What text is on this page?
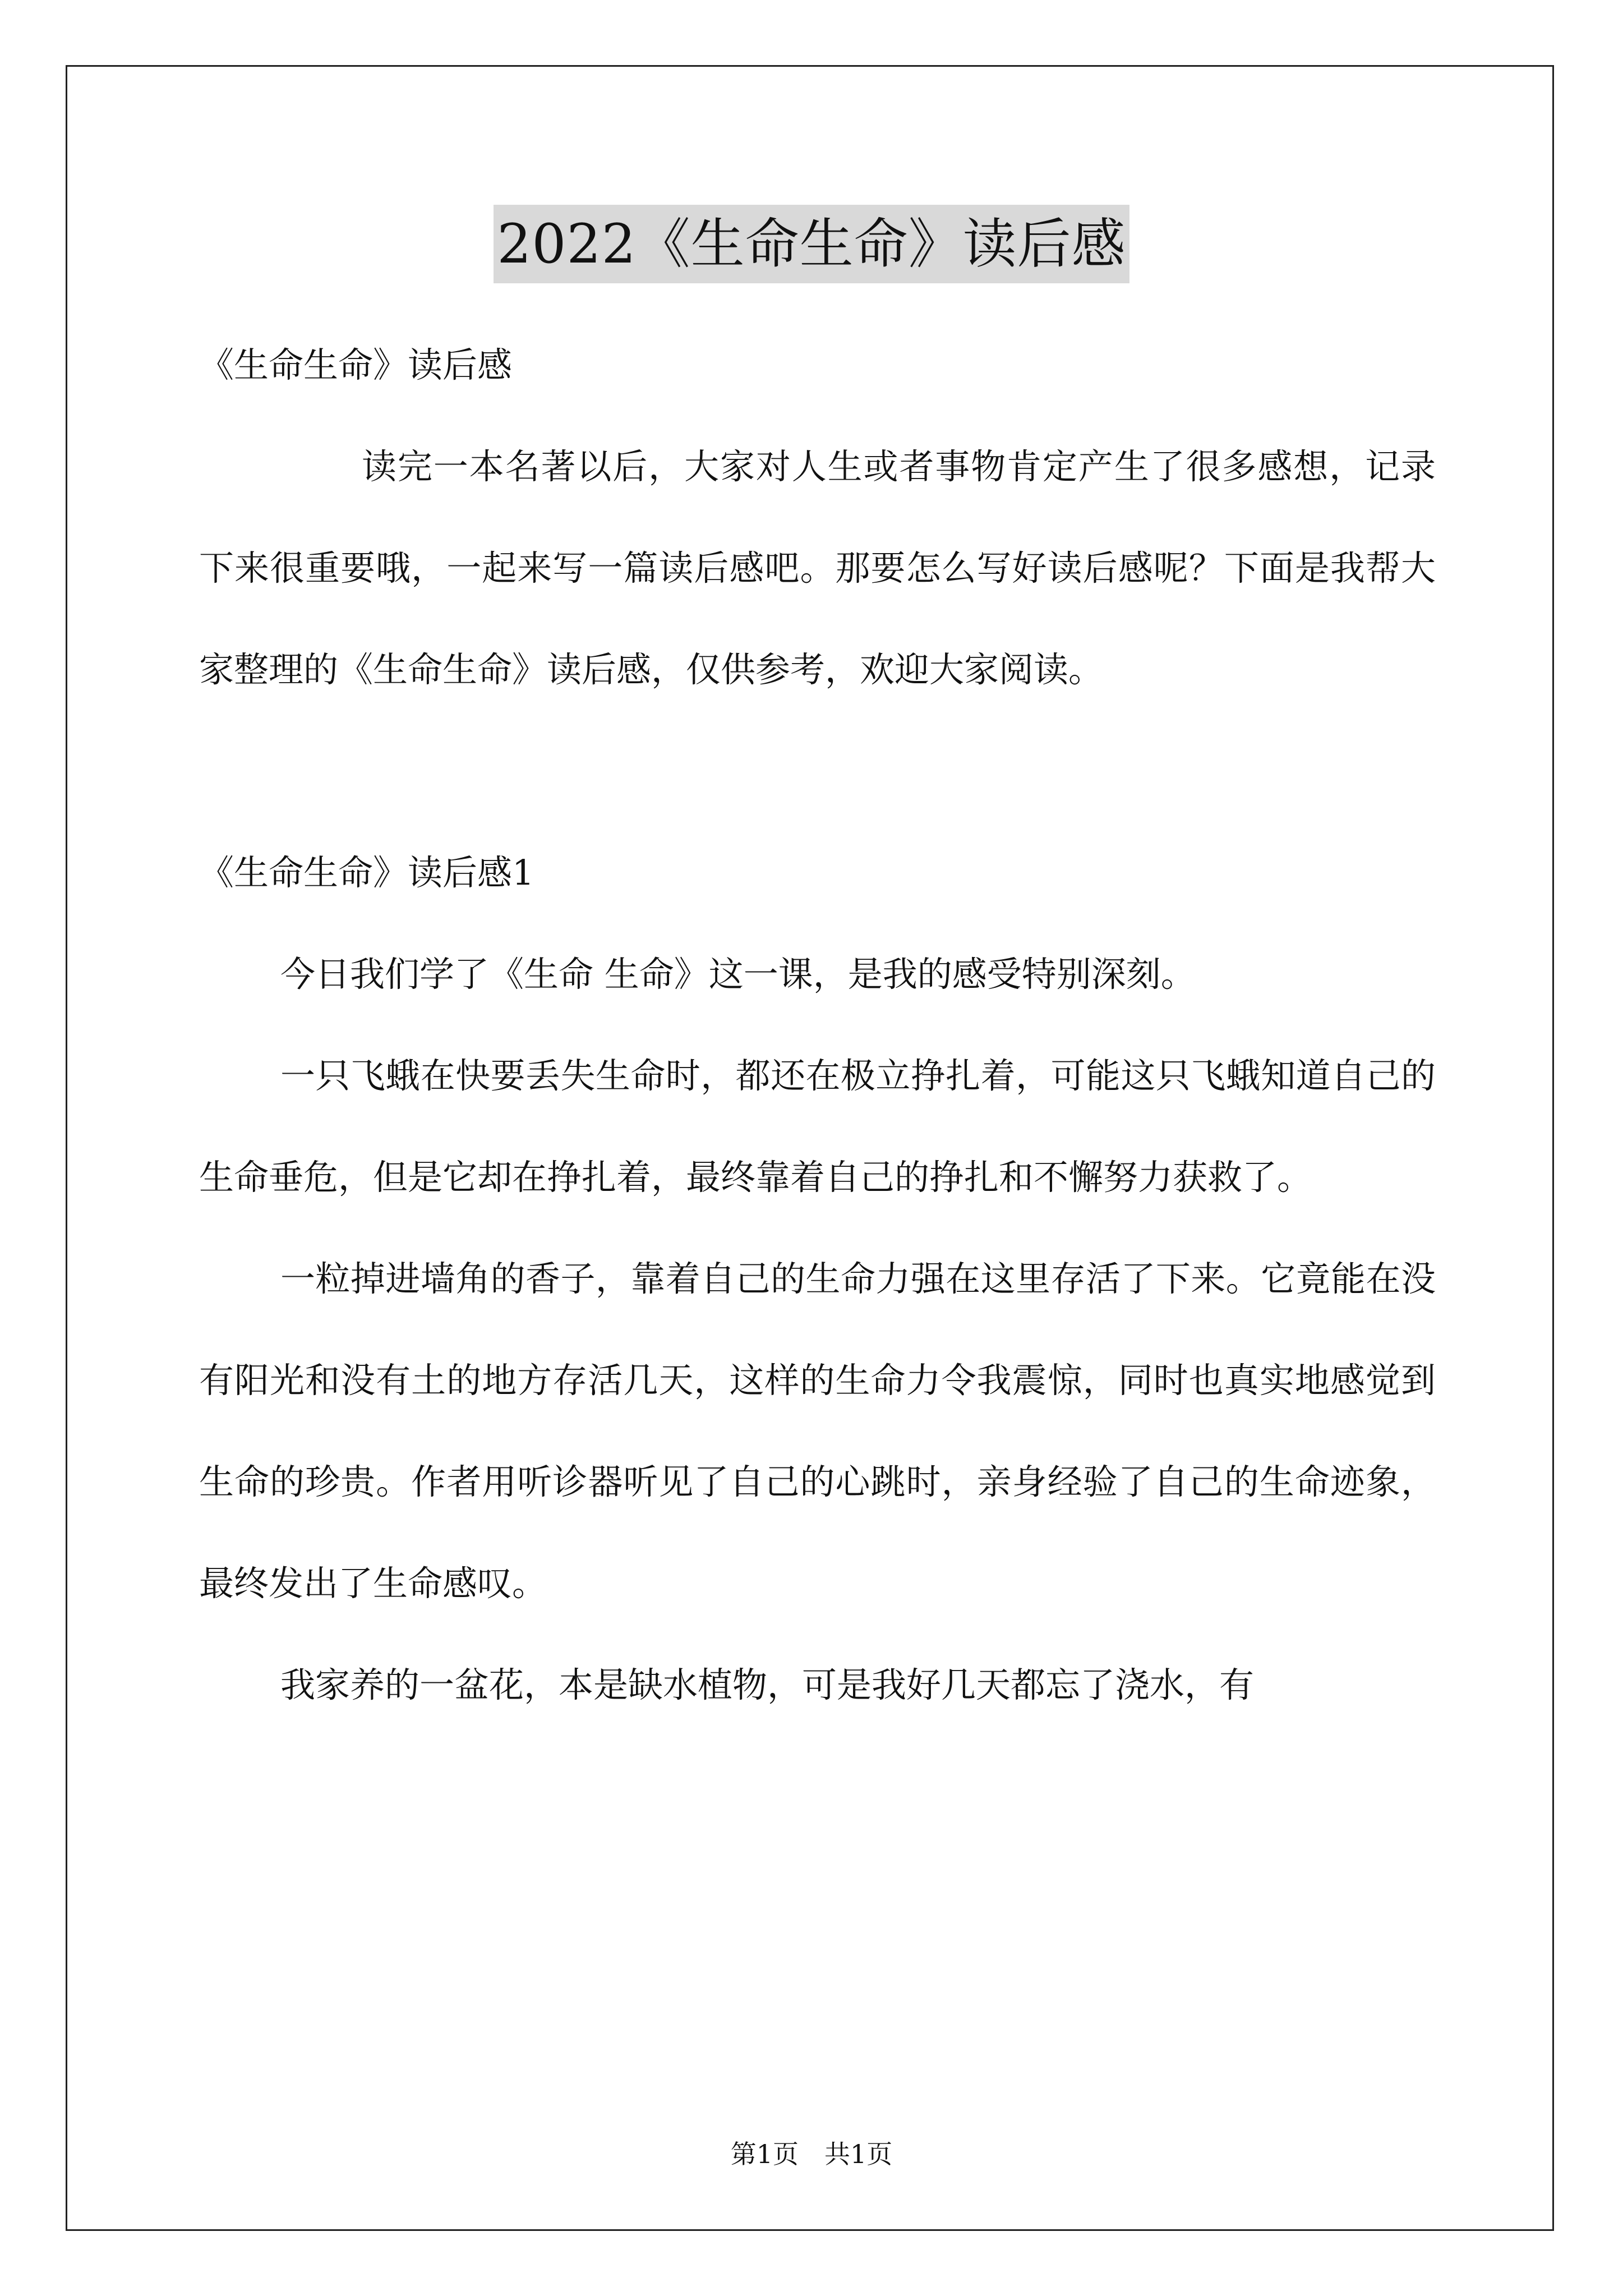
2022《生命生命》读后感
《生命生命》读后感
读完一本名著以后，大家对人生或者事物肯定产生了很多感想，记录下来很重要哦，一起来写一篇读后感吧。那要怎么写好读后感呢？下面是我帮大家整理的《生命生命》读后感，仅供参考，欢迎大家阅读。
《生命生命》读后感1
今日我们学了《生命 生命》这一课，是我的感受特别深刻。
一只飞蛾在快要丢失生命时，都还在极立挣扎着，可能这只飞蛾知道自己的生命垂危，但是它却在挣扎着，最终靠着自己的挣扎和不懈努力获救了。
一粒掉进墙角的香子，靠着自己的生命力强在这里存活了下来。它竟能在没有阳光和没有土的地方存活几天，这样的生命力令我震惊，同时也真实地感觉到生命的珍贵。作者用听诊器听见了自己的心跳时，亲身经验了自己的生命迹象，最终发出了生命感叹。
我家养的一盆花，本是缺水植物，可是我好几天都忘了浇水，有
第1页　共1页
